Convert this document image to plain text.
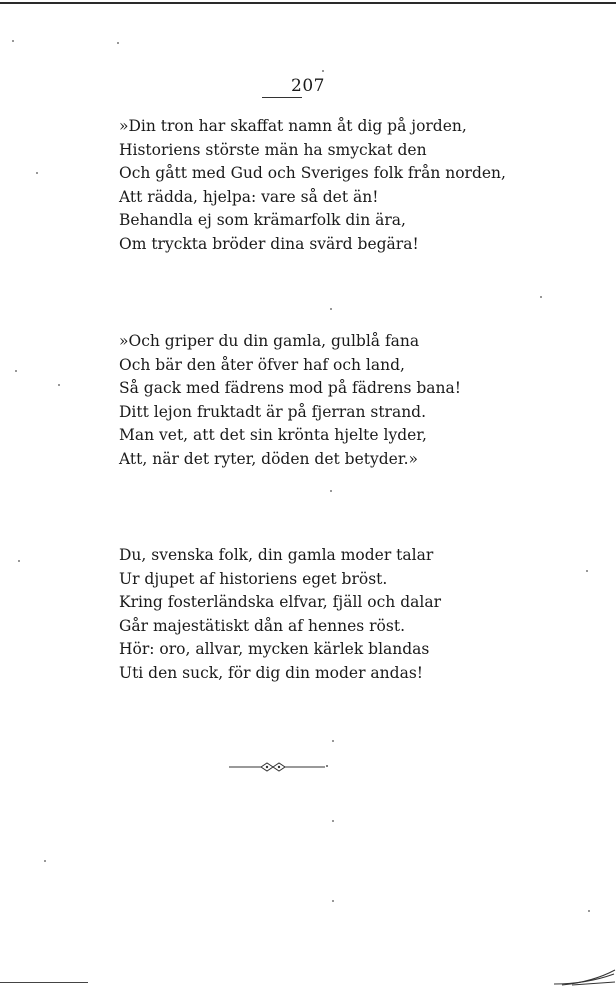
207
»Din tron har skaffat namn åt dig på jorden,
Historiens störste män ha smyckat den
Och gått med Gud och Sveriges folk från norden,
Att rädda, hjelpa: vare så det än!
Behandla ej som krämarfolk din ära,
Om tryckta bröder dina svärd begära!
»Och griper du din gamla, gulblå fana
Och bär den åter öfver haf och land,
Så gack med fädrens mod på fädrens bana!
Ditt lejon fruktadt är på fjerran strand.
Man vet, att det sin krönta hjelte lyder,
Att, när det ryter, döden det betyder.»
Du, svenska folk, din gamla moder talar
Ur djupet af historiens eget bröst.
Kring fosterländska elfvar, fjäll och dalar
Går majestätiskt dån af hennes röst.
Hör: oro, allvar, mycken kärlek blandas
Uti den suck, för dig din moder andas!
